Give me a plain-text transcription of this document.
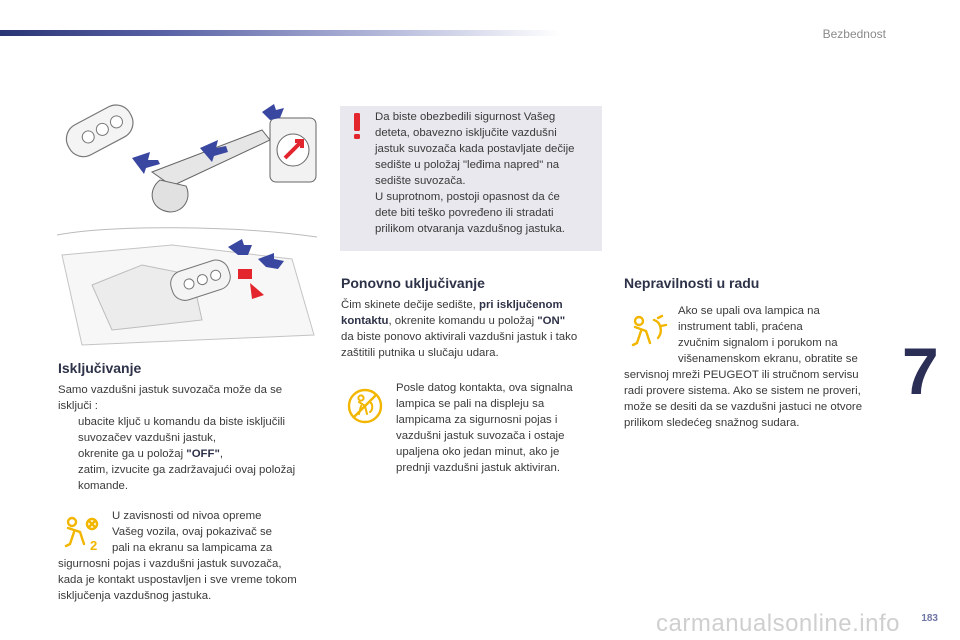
Bezbednost
7
carmanualsonline.info 183
Da biste obezbedili sigurnost Vašeg
deteta, obavezno isključite vazdušni
jastuk suvozača kada postavljate dečije
sedište u položaj "leđima napred" na
sedište suvozača.
U suprotnom, postoji opasnost da će
dete biti teško povređeno ili stradati
prilikom otvaranja vazdušnog jastuka.
Isključivanje
Samo vazdušni jastuk suvozača može da se
isključi :
ubacite ključ u komandu da biste isključili
suvozačev vazdušni jastuk,
okrenite ga u položaj "OFF",
zatim, izvucite ga zadržavajući ovaj položaj
komande.
2
U zavisnosti od nivoa opreme
Vašeg vozila, ovaj pokazivač se
pali na ekranu sa lampicama za
sigurnosni pojas i vazdušni jastuk suvozača,
kada je kontakt uspostavljen i sve vreme tokom
isključenja vazdušnog jastuka.
Ponovno uključivanje
Čim skinete dečije sedište, pri isključenom
kontaktu, okrenite komandu u položaj "ON"
da biste ponovo aktivirali vazdušni jastuk i tako
zaštitili putnika u slučaju udara.
Posle datog kontakta, ova signalna
lampica se pali na displeju sa
lampicama za sigurnosni pojas i
vazdušni jastuk suvozača i ostaje
upaljena oko jedan minut, ako je
prednji vazdušni jastuk aktiviran.
Nepravilnosti u radu
Ako se upali ova lampica na
instrument tabli, praćena
zvučnim signalom i porukom na
višenamenskom ekranu, obratite se
servisnoj mreži PEUGEOT ili stručnom servisu
radi provere sistema. Ako se sistem ne proveri,
može se desiti da se vazdušni jastuci ne otvore
prilikom sledećeg snažnog sudara.
